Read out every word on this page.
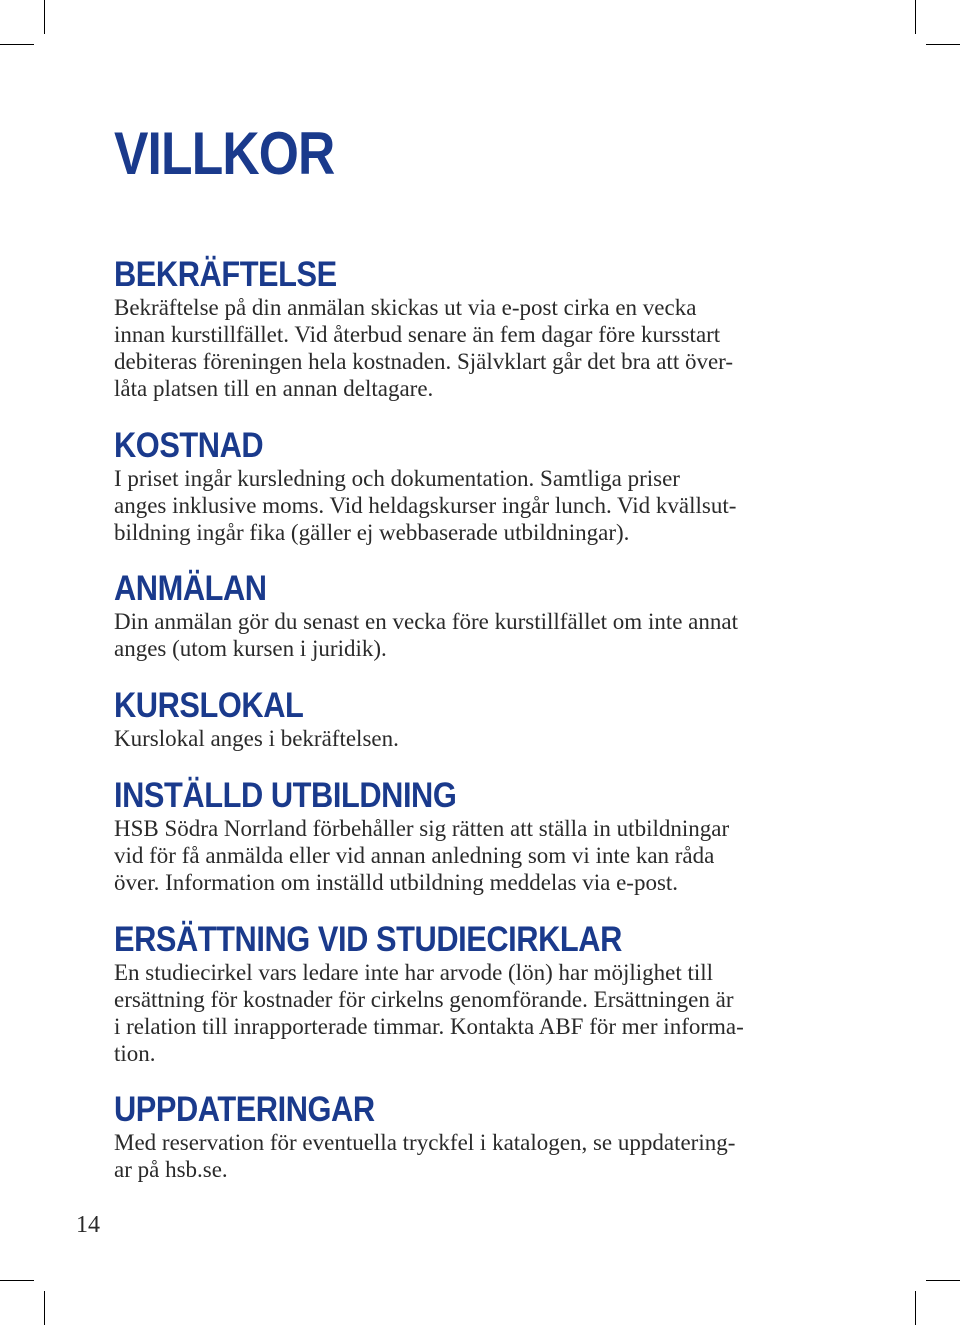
VILLKOR
BEKRÄFTELSE
Bekräftelse på din anmälan skickas ut via e-post cirka en vecka
innan kurstillfället. Vid återbud senare än fem dagar före kursstart
debiteras föreningen hela kostnaden. Självklart går det bra att över-
låta platsen till en annan deltagare.
KOSTNAD
I priset ingår kursledning och dokumentation. Samtliga priser
anges inklusive moms. Vid heldagskurser ingår lunch. Vid kvällsut-
bildning ingår fika (gäller ej webbaserade utbildningar).
ANMÄLAN
Din anmälan gör du senast en vecka före kurstillfället om inte annat
anges (utom kursen i juridik).
KURSLOKAL
Kurslokal anges i bekräftelsen.
INSTÄLLD UTBILDNING
HSB Södra Norrland förbehåller sig rätten att ställa in utbildningar
vid för få anmälda eller vid annan anledning som vi inte kan råda
över. Information om inställd utbildning meddelas via e-post.
ERSÄTTNING VID STUDIECIRKLAR
En studiecirkel vars ledare inte har arvode (lön) har möjlighet till
ersättning för kostnader för cirkelns genomförande. Ersättningen är
i relation till inrapporterade timmar. Kontakta ABF för mer informa-
tion.
UPPDATERINGAR
Med reservation för eventuella tryckfel i katalogen, se uppdatering-
ar på hsb.se.

14
